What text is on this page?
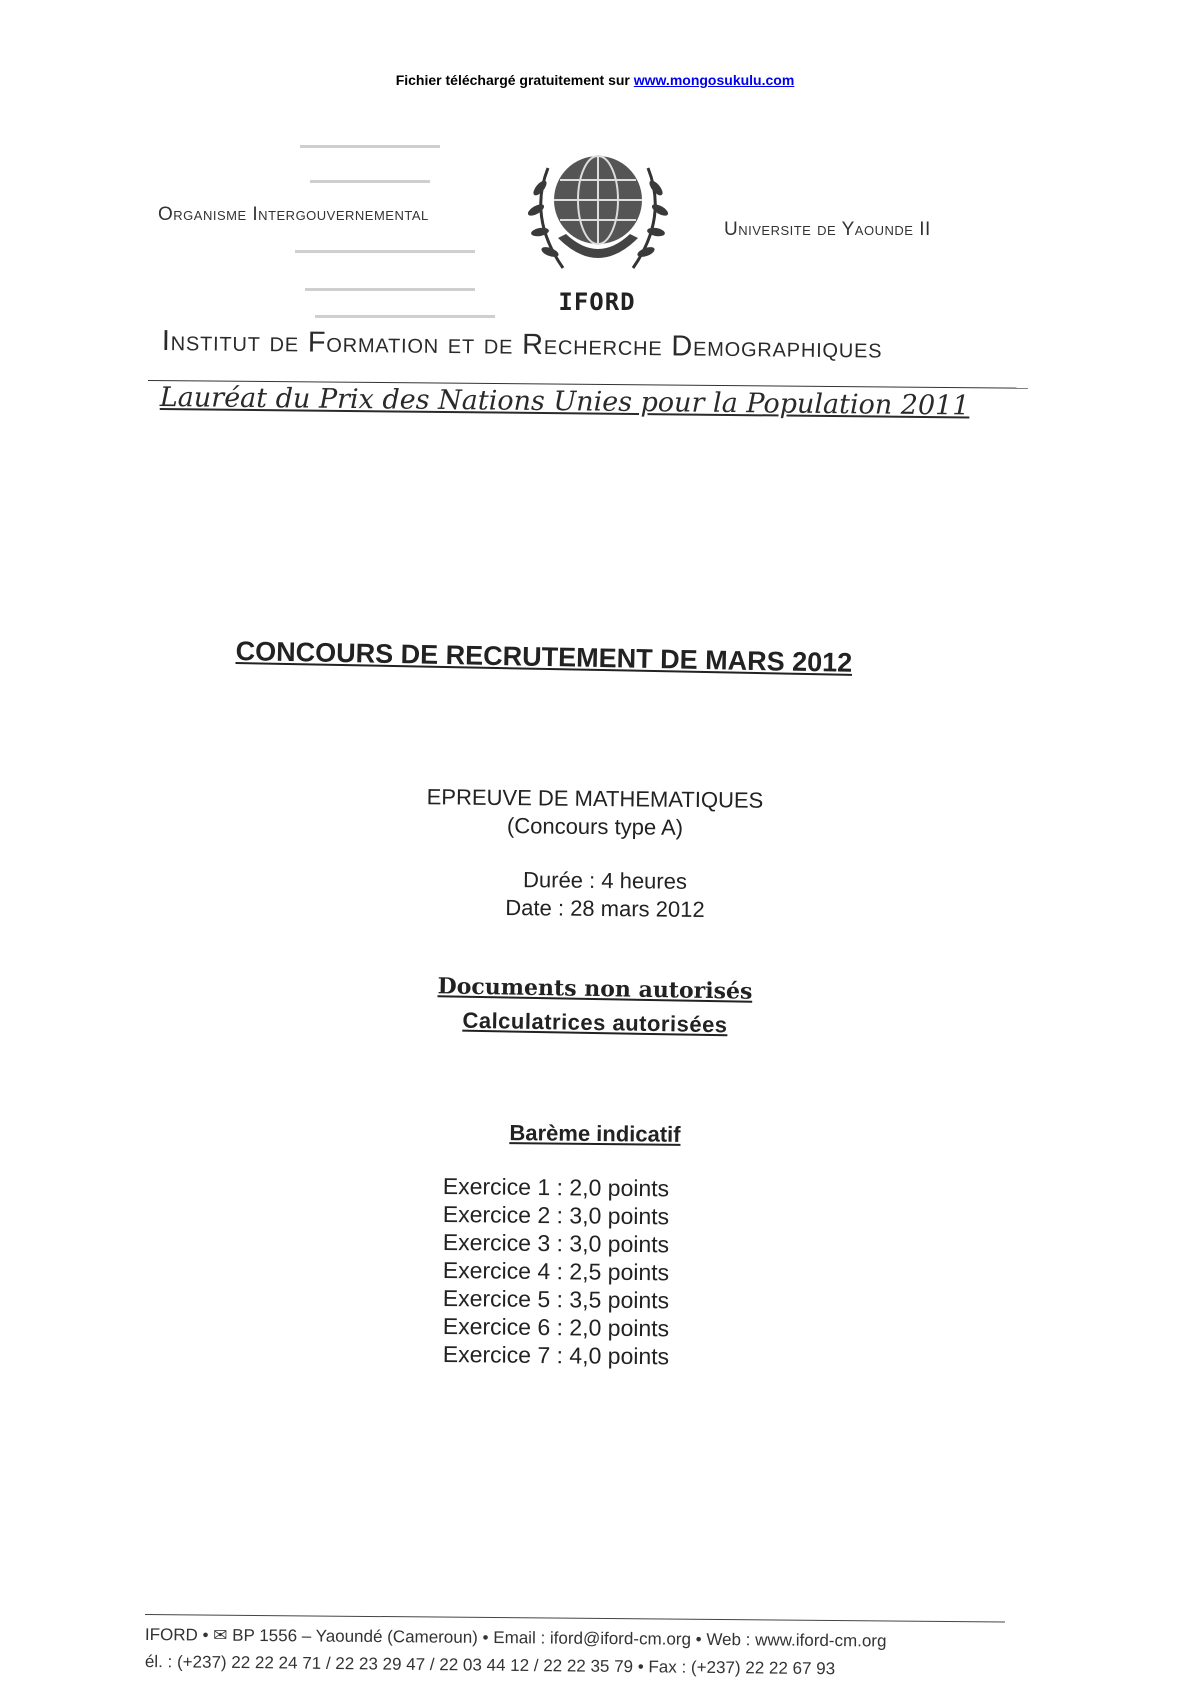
Fichier téléchargé gratuitement sur www.mongosukulu.com
Organisme Intergouvernemental
IFORD
Universite de Yaounde II
Institut de Formation et de Recherche Demographiques
Lauréat du Prix des Nations Unies pour la Population 2011
CONCOURS DE RECRUTEMENT DE MARS 2012
EPREUVE DE MATHEMATIQUES
(Concours type A)
Durée : 4 heures
Date : 28 mars 2012
Documents non autorisés
Calculatrices autorisées
Barème indicatif
Exercice 1 : 2,0 points
Exercice 2 : 3,0 points
Exercice 3 : 3,0 points
Exercice 4 : 2,5 points
Exercice 5 : 3,5 points
Exercice 6 : 2,0 points
Exercice 7 : 4,0 points
IFORD • ✉ BP 1556 – Yaoundé (Cameroun) • Email : iford@iford-cm.org • Web : www.iford-cm.org
él. : (+237) 22 22 24 71 / 22 23 29 47 / 22 03 44 12 / 22 22 35 79 • Fax : (+237) 22 22 67 93
